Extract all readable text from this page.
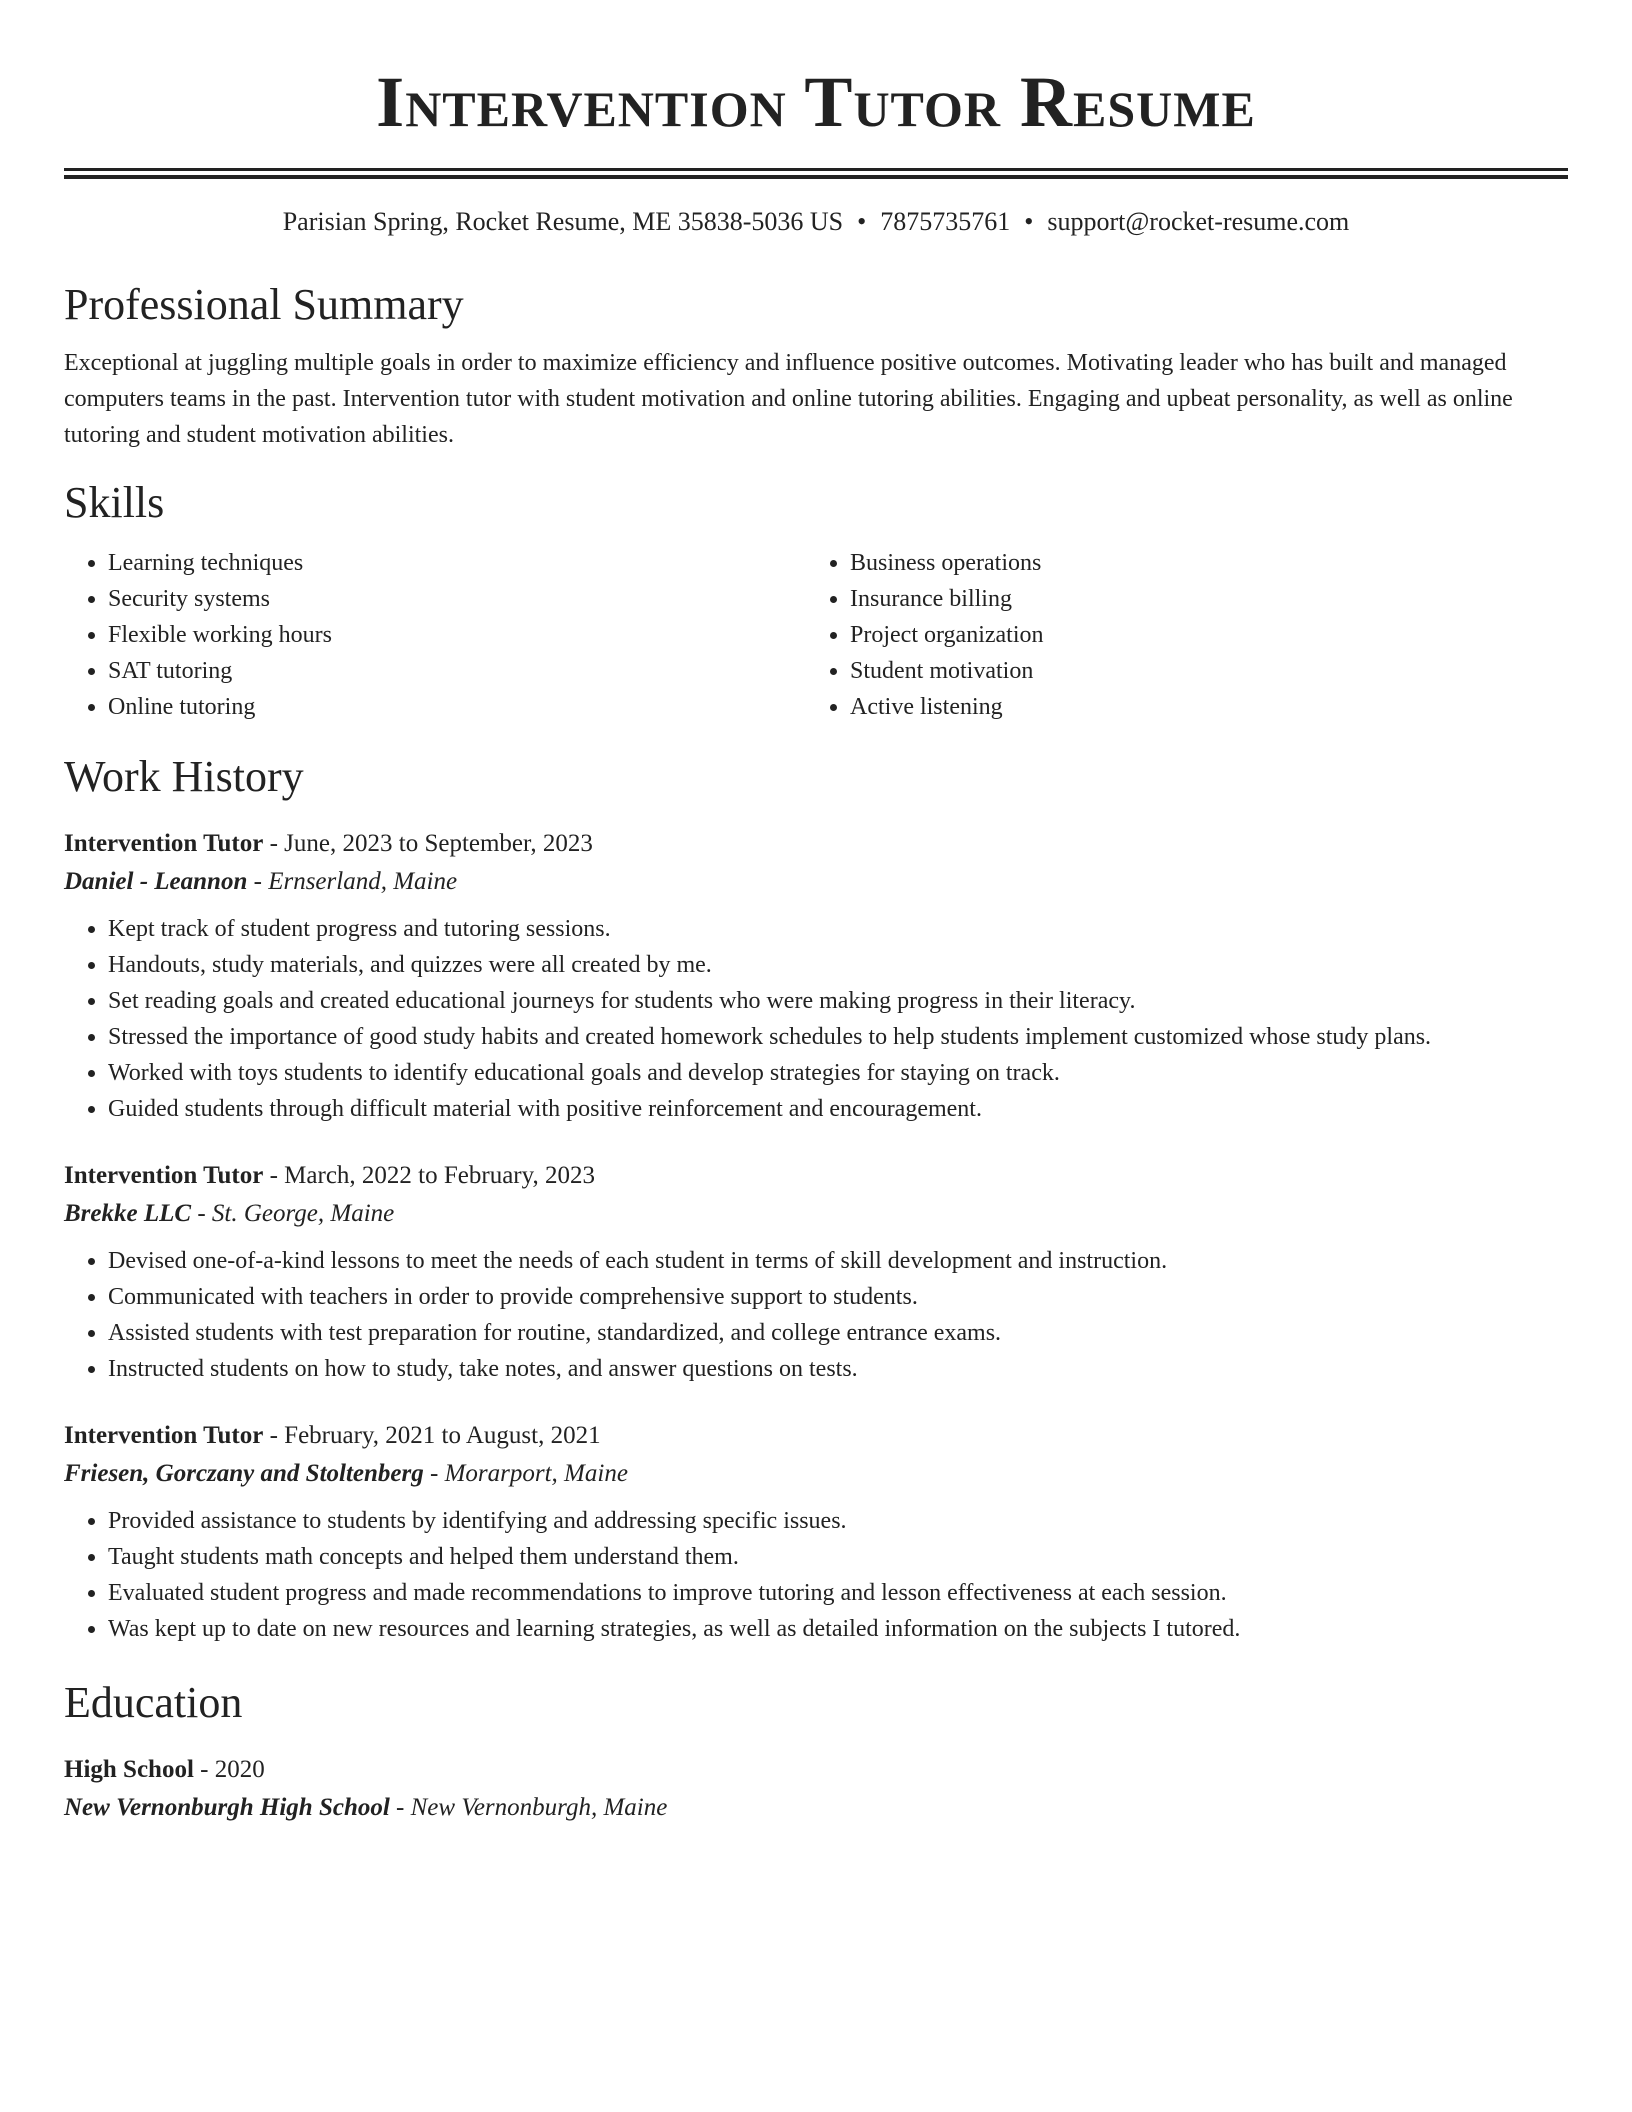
Intervention Tutor Resume
Parisian Spring, Rocket Resume, ME 35838-5036 US • 7875735761 • support@rocket-resume.com
Professional Summary
Exceptional at juggling multiple goals in order to maximize efficiency and influence positive outcomes. Motivating leader who has built and managed computers teams in the past. Intervention tutor with student motivation and online tutoring abilities. Engaging and upbeat personality, as well as online tutoring and student motivation abilities.
Skills
• Learning techniques
• Security systems
• Flexible working hours
• SAT tutoring
• Online tutoring
• Business operations
• Insurance billing
• Project organization
• Student motivation
• Active listening
Work History
Intervention Tutor - June, 2023 to September, 2023
Daniel - Leannon - Ernserland, Maine
• Kept track of student progress and tutoring sessions.
• Handouts, study materials, and quizzes were all created by me.
• Set reading goals and created educational journeys for students who were making progress in their literacy.
• Stressed the importance of good study habits and created homework schedules to help students implement customized whose study plans.
• Worked with toys students to identify educational goals and develop strategies for staying on track.
• Guided students through difficult material with positive reinforcement and encouragement.
Intervention Tutor - March, 2022 to February, 2023
Brekke LLC - St. George, Maine
• Devised one-of-a-kind lessons to meet the needs of each student in terms of skill development and instruction.
• Communicated with teachers in order to provide comprehensive support to students.
• Assisted students with test preparation for routine, standardized, and college entrance exams.
• Instructed students on how to study, take notes, and answer questions on tests.
Intervention Tutor - February, 2021 to August, 2021
Friesen, Gorczany and Stoltenberg - Morarport, Maine
• Provided assistance to students by identifying and addressing specific issues.
• Taught students math concepts and helped them understand them.
• Evaluated student progress and made recommendations to improve tutoring and lesson effectiveness at each session.
• Was kept up to date on new resources and learning strategies, as well as detailed information on the subjects I tutored.
Education
High School - 2020
New Vernonburgh High School - New Vernonburgh, Maine
